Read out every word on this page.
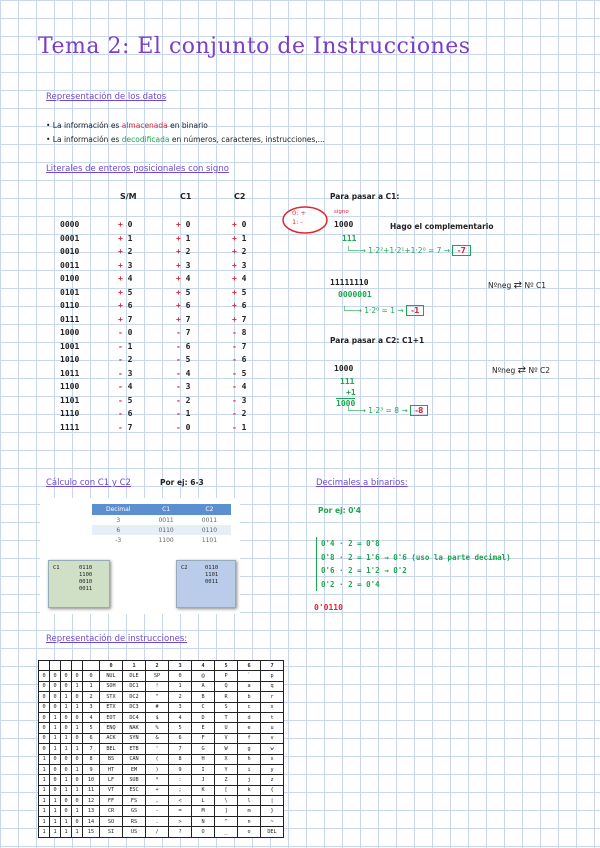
Tema 2: El conjunto de Instrucciones
Representación de los datos
• La información es almacenada en binario
• La información es decodificada en números, caracteres, instrucciones,...
Literales de enteros posicionales con signo
S/M	C1	C2
0000	+ 0	+ 0	+ 0
0001	+ 1	+ 1	+ 1
0010	+ 2	+ 2	+ 2
0011	+ 3	+ 3	+ 3
0100	+ 4	+ 4	+ 4
0101	+ 5	+ 5	+ 5
0110	+ 6	+ 6	+ 6
0111	+ 7	+ 7	+ 7
1000	- 0	- 7	- 8
1001	- 1	- 6	- 7
1010	- 2	- 5	- 6
1011	- 3	- 4	- 5
1100	- 4	- 3	- 4
1101	- 5	- 2	- 3
1110	- 6	- 1	- 2
1111	- 7	- 0	- 1
0: +
1: -
Para pasar a C1:
signo
1000	Hago el complementario
111
└──→ 1·2²+1·2¹+1·2⁰ = 7 → -7
11111110
0000001
└──→ 1·2⁰ = 1 → -1
Nºneg ⇄ Nº C1
Para pasar a C2: C1+1
1000
111
+1
1000
└──→ 1·2³ = 8 → -8
Nºneg ⇄ Nº C2
Cálculo con C1 y C2	Por ej: 6-3
Decimal	C1	C2
3	0011	0011
6	0110	0110
-3	1100	1101
C1	0110
1100
0010
0011
C2	0110
1101
0011
Decimales a binarios:
Por ej: 0'4
0'4 · 2 = 0'8
0'8 · 2 = 1'6 → 0'6 (uso la parte decimal)
0'6 · 2 = 1'2 → 0'2
0'2 · 2 = 0'4
0'0110
Representación de instrucciones:
					0	1	2	3	4	5	6	7
0	0	0	0	0	NUL	DLE	SP	0	@	P	`	p
0	0	0	1	1	SOH	DC1	!	1	A	Q	a	q
0	0	1	0	2	STX	DC2	"	2	B	R	b	r
0	0	1	1	3	ETX	DC3	#	3	C	S	c	s
0	1	0	0	4	EOT	DC4	$	4	D	T	d	t
0	1	0	1	5	ENQ	NAK	%	5	E	U	e	u
0	1	1	0	6	ACK	SYN	&	6	F	V	f	v
0	1	1	1	7	BEL	ETB	'	7	G	W	g	w
1	0	0	0	8	BS	CAN	(	8	H	X	h	x
1	0	0	1	9	HT	EM	)	9	I	Y	i	y
1	0	1	0	10	LF	SUB	*	:	J	Z	j	z
1	0	1	1	11	VT	ESC	+	;	K	[	k	{
1	1	0	0	12	FF	FS	,	<	L	\	l	|
1	1	0	1	13	CR	GS	-	=	M	]	m	}
1	1	1	0	14	SO	RS	.	>	N	^	n	~
1	1	1	1	15	SI	US	/	?	O	_	o	DEL
